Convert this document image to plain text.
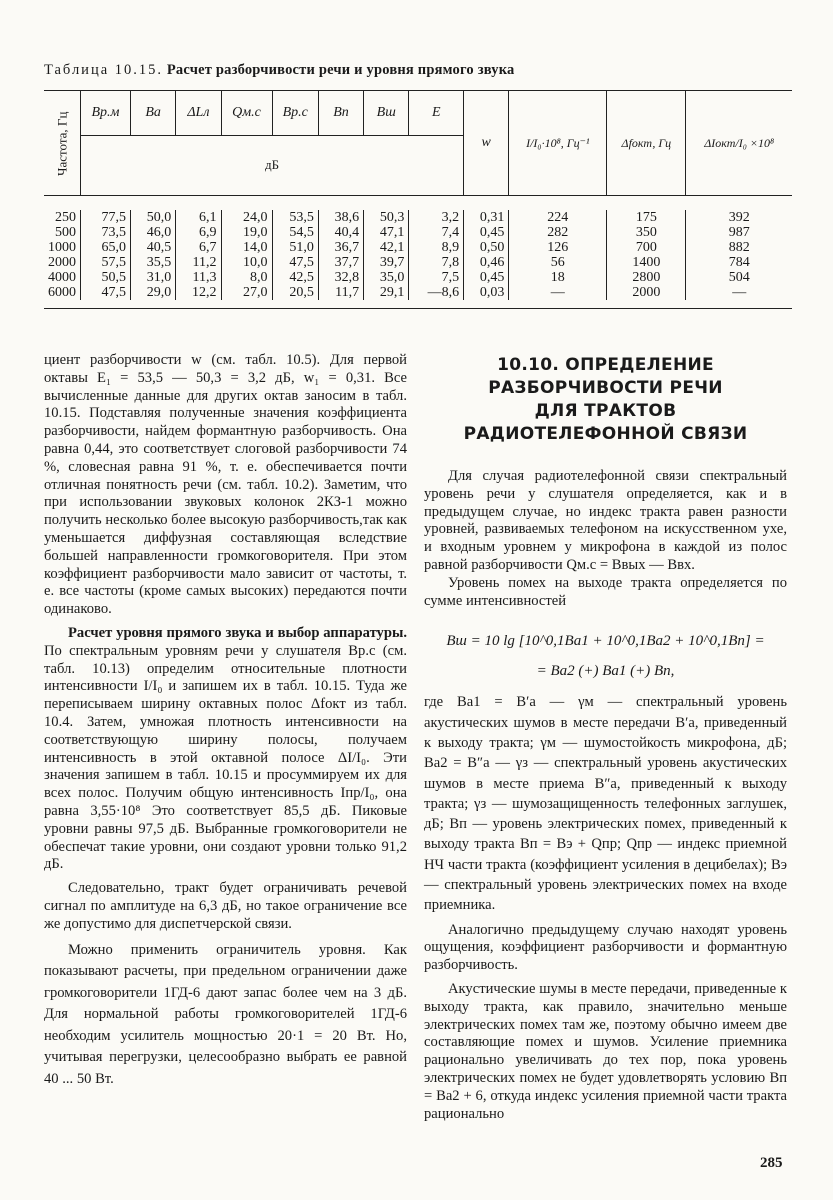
Таблица 10.15. Расчет разборчивости речи и уровня прямого звука
Частота, Гц	Bр.м	Bа	ΔLл	Qм.с	Bр.с	Bп	Bш	E	w	I/I₀·10⁸, Гц⁻¹	Δfокт, Гц	ΔIокт/I₀ ×10⁸
	дБ											

250	77,5	50,0	6,1	24,0	53,5	38,6	50,3	3,2	0,31	224	175	392
500	73,5	46,0	6,9	19,0	54,5	40,4	47,1	7,4	0,45	282	350	987
1000	65,0	40,5	6,7	14,0	51,0	36,7	42,1	8,9	0,50	126	700	882
2000	57,5	35,5	11,2	10,0	47,5	37,7	39,7	7,8	0,46	56	1400	784
4000	50,5	31,0	11,3	8,0	42,5	32,8	35,0	7,5	0,45	18	2800	504
6000	47,5	29,0	12,2	27,0	20,5	11,7	29,1	—8,6	0,03	—	2000	—

циент разборчивости w (см. табл. 10.5). Для первой октавы E₁ = 53,5 — 50,3 = 3,2 дБ, w₁ = 0,31. Все вычисленные данные для других октав заносим в табл. 10.15. Подставляя полученные значения коэффициента разборчивости, найдем формантную разборчивость. Она равна 0,44, это соответствует слоговой разборчивости 74 %, словесная равна 91 %, т. е. обеспечивается почти отличная понятность речи (см. табл. 10.2). Заметим, что при использовании звуковых колонок 2КЗ-1 можно получить несколько более высокую разборчивость,так как уменьшается диффузная составляющая вследствие большей направленности громкоговорителя. При этом коэффициент разборчивости мало зависит от частоты, т. е. все частоты (кроме самых высоких) передаются почти одинаково.

Расчет уровня прямого звука и выбор аппаратуры. По спектральным уровням речи у слушателя Bр.с (см. табл. 10.13) определим относительные плотности интенсивности I/I₀ и запишем их в табл. 10.15. Туда же переписываем ширину октавных полос Δfокт из табл. 10.4. Затем, умножая плотность интенсивности на соответствующую ширину полосы, получаем интенсивность в этой октавной полосе ΔI/I₀. Эти значения запишем в табл. 10.15 и просуммируем их для всех полос. Получим общую интенсивность Iпр/I₀, она равна 3,55·10⁸ Это соответствует 85,5 дБ. Пиковые уровни равны 97,5 дБ. Выбранные громкоговорители не обеспечат такие уровни, они создают уровни только 91,2 дБ.

Следовательно, тракт будет ограничивать речевой сигнал по амплитуде на 6,3 дБ, но такое ограничение все же допустимо для диспетчерской связи.

Можно применить ограничитель уровня. Как показывают расчеты, при предельном ограничении даже громкоговорители 1ГД-6 дают запас более чем на 3 дБ. Для нормальной работы громкоговорителей 1ГД-6 необходим усилитель мощностью 20·1 = 20 Вт. Но, учитывая перегрузки, целесообразно выбрать ее равной 40 ... 50 Вт.

10.10. ОПРЕДЕЛЕНИЕ
РАЗБОРЧИВОСТИ РЕЧИ
ДЛЯ ТРАКТОВ
РАДИОТЕЛЕФОННОЙ СВЯЗИ

Для случая радиотелефонной связи спектральный уровень речи у слушателя определяется, как и в предыдущем случае, но индекс тракта равен разности уровней, развиваемых телефоном на искусственном ухе, и входным уровнем у микрофона в каждой из полос равной разборчивости Qм.с = Bвых — Bвх.

Уровень помех на выходе тракта определяется по сумме интенсивностей

Bш = 10 lg [10^0,1Bа1 + 10^0,1Bа2 + 10^0,1Bп] =
= Bа2 (+) Bа1 (+) Bп,

где Bа1 = B′а — γм — спектральный уровень акустических шумов в месте передачи B′а, приведенный к выходу тракта; γм — шумостойкость микрофона, дБ; Bа2 = B″а — γз — спектральный уровень акустических шумов в месте приема B″а, приведенный к выходу тракта; γз — шумозащищенность телефонных заглушек, дБ; Bп — уровень электрических помех, приведенный к выходу тракта Bп = Bэ + Qпр; Qпр — индекс приемной НЧ части тракта (коэффициент усиления в децибелах); Bэ — спектральный уровень электрических помех на входе приемника.

Аналогично предыдущему случаю находят уровень ощущения, коэффициент разборчивости и формантную разборчивость.

Акустические шумы в месте передачи, приведенные к выходу тракта, как правило, значительно меньше электрических помех там же, поэтому обычно имеем две составляющие помех и шумов. Усиление приемника рационально увеличивать до тех пор, пока уровень электрических помех не будет удовлетворять условию Bп = Bа2 + 6, откуда индекс усиления приемной части тракта рационально

285
